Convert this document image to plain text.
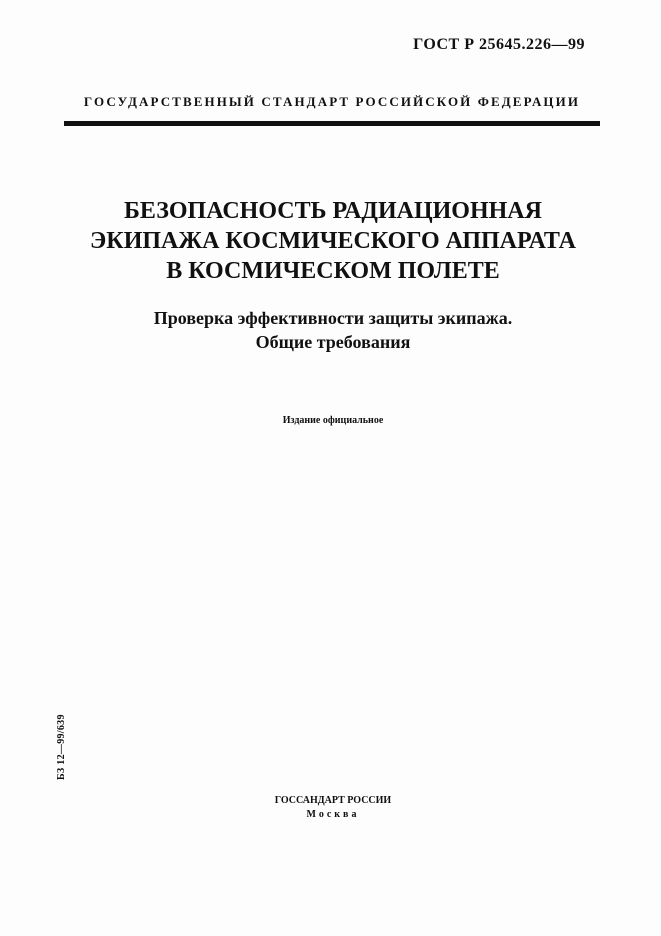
ГОСТ Р 25645.226—99
ГОСУДАРСТВЕННЫЙ СТАНДАРТ РОССИЙСКОЙ ФЕДЕРАЦИИ
БЕЗОПАСНОСТЬ РАДИАЦИОННАЯ
ЭКИПАЖА КОСМИЧЕСКОГО АППАРАТА
В КОСМИЧЕСКОМ ПОЛЕТЕ
Проверка эффективности защиты экипажа.
Общие требования
Издание официальное
БЗ 12—99/639
ГОССАНДАРТ РОССИИ
Москва
